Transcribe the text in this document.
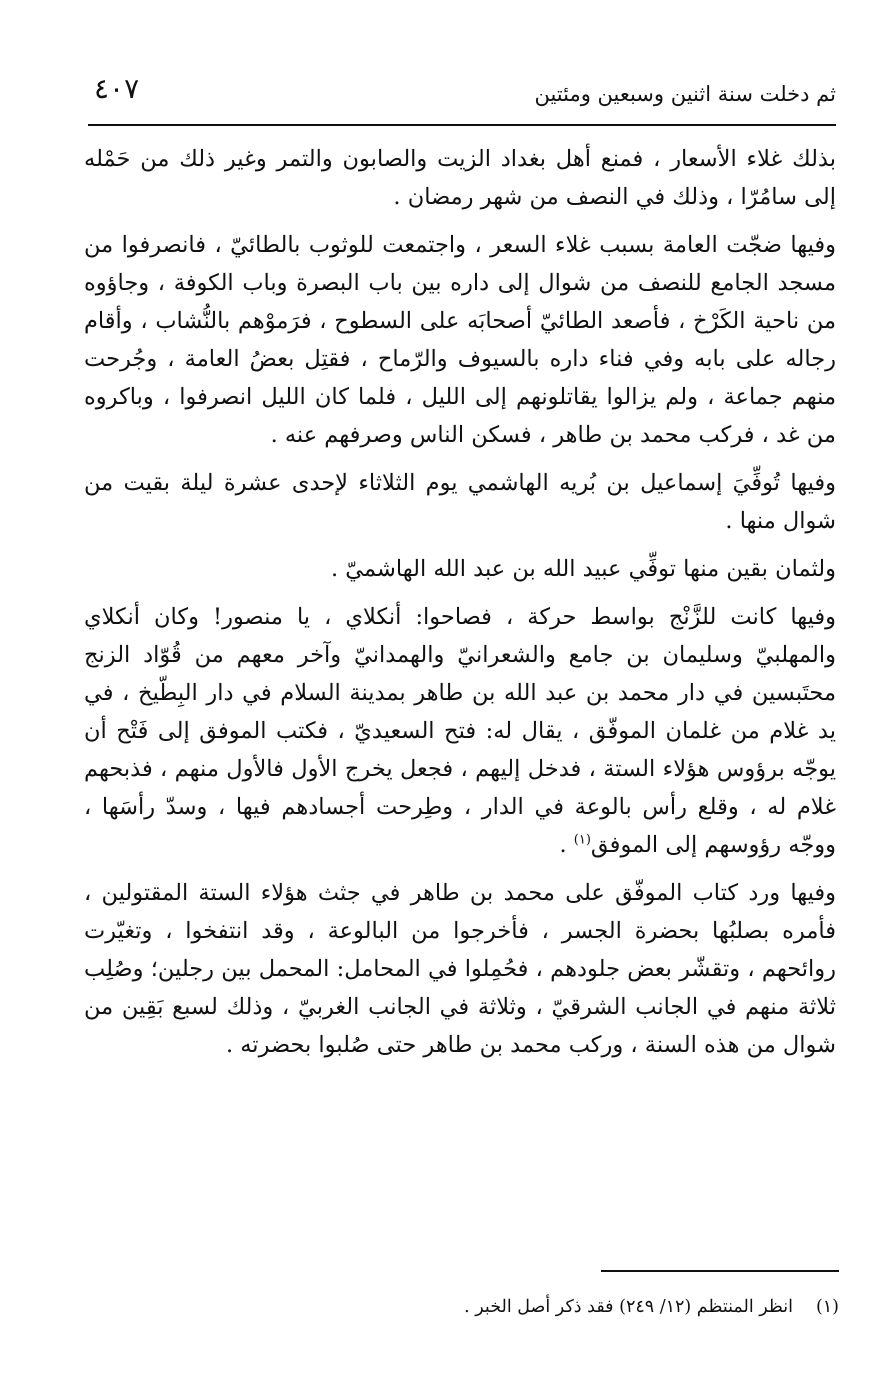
ثم دخلت سنة اثنين وسبعين ومئتين
٤٠٧

بذلك غلاء الأسعار ، فمنع أهل بغداد الزيت والصابون والتمر وغير ذلك من حَمْله إلى سامُرّا ، وذلك في النصف من شهر رمضان .

وفيها ضجّت العامة بسبب غلاء السعر ، واجتمعت للوثوب بالطائيّ ، فانصرفوا من مسجد الجامع للنصف من شوال إلى داره بين باب البصرة وباب الكوفة ، وجاؤوه من ناحية الكَرْخ ، فأصعد الطائيّ أصحابَه على السطوح ، فرَموْهم بالنُّشاب ، وأقام رجاله على بابه وفي فناء داره بالسيوف والرّماح ، فقتِل بعضُ العامة ، وجُرحت منهم جماعة ، ولم يزالوا يقاتلونهم إلى الليل ، فلما كان الليل انصرفوا ، وباكروه من غد ، فركب محمد بن طاهر ، فسكن الناس وصرفهم عنه .

وفيها تُوفِّيَ إسماعيل بن بُريه الهاشمي يوم الثلاثاء لإحدى عشرة ليلة بقيت من شوال منها .

ولثمان بقين منها توفِّي عبيد الله بن عبد الله الهاشميّ .

وفيها كانت للزَّنْج بواسط حركة ، فصاحوا: أنكلاي ، يا منصور! وكان أنكلاي والمهلبيّ وسليمان بن جامع والشعرانيّ والهمدانيّ وآخر معهم من قُوّاد الزنج محتَبسين في دار محمد بن عبد الله بن طاهر بمدينة السلام في دار البِطّيخ ، في يد غلام من غلمان الموفّق ، يقال له: فتح السعيديّ ، فكتب الموفق إلى فَتْح أن يوجّه برؤوس هؤلاء الستة ، فدخل إليهم ، فجعل يخرج الأول فالأول منهم ، فذبحهم غلام له ، وقلع رأس بالوعة في الدار ، وطِرحت أجسادهم فيها ، وسدّ رأسَها ، ووجّه رؤوسهم إلى الموفق$^{(١)}$ .

وفيها ورد كتاب الموفّق على محمد بن طاهر في جثث هؤلاء الستة المقتولين ، فأمره بصلبُها بحضرة الجسر ، فأخرجوا من البالوعة ، وقد انتفخوا ، وتغيّرت روائحهم ، وتقشّر بعض جلودهم ، فحُمِلوا في المحامل: المحمل بين رجلين؛ وصُلِب ثلاثة منهم في الجانب الشرقيّ ، وثلاثة في الجانب الغربيّ ، وذلك لسبع بَقِين من شوال من هذه السنة ، وركب محمد بن طاهر حتى صُلبوا بحضرته .

(١)انظر المنتظم (١٢/ ٢٤٩) فقد ذكر أصل الخبر .
